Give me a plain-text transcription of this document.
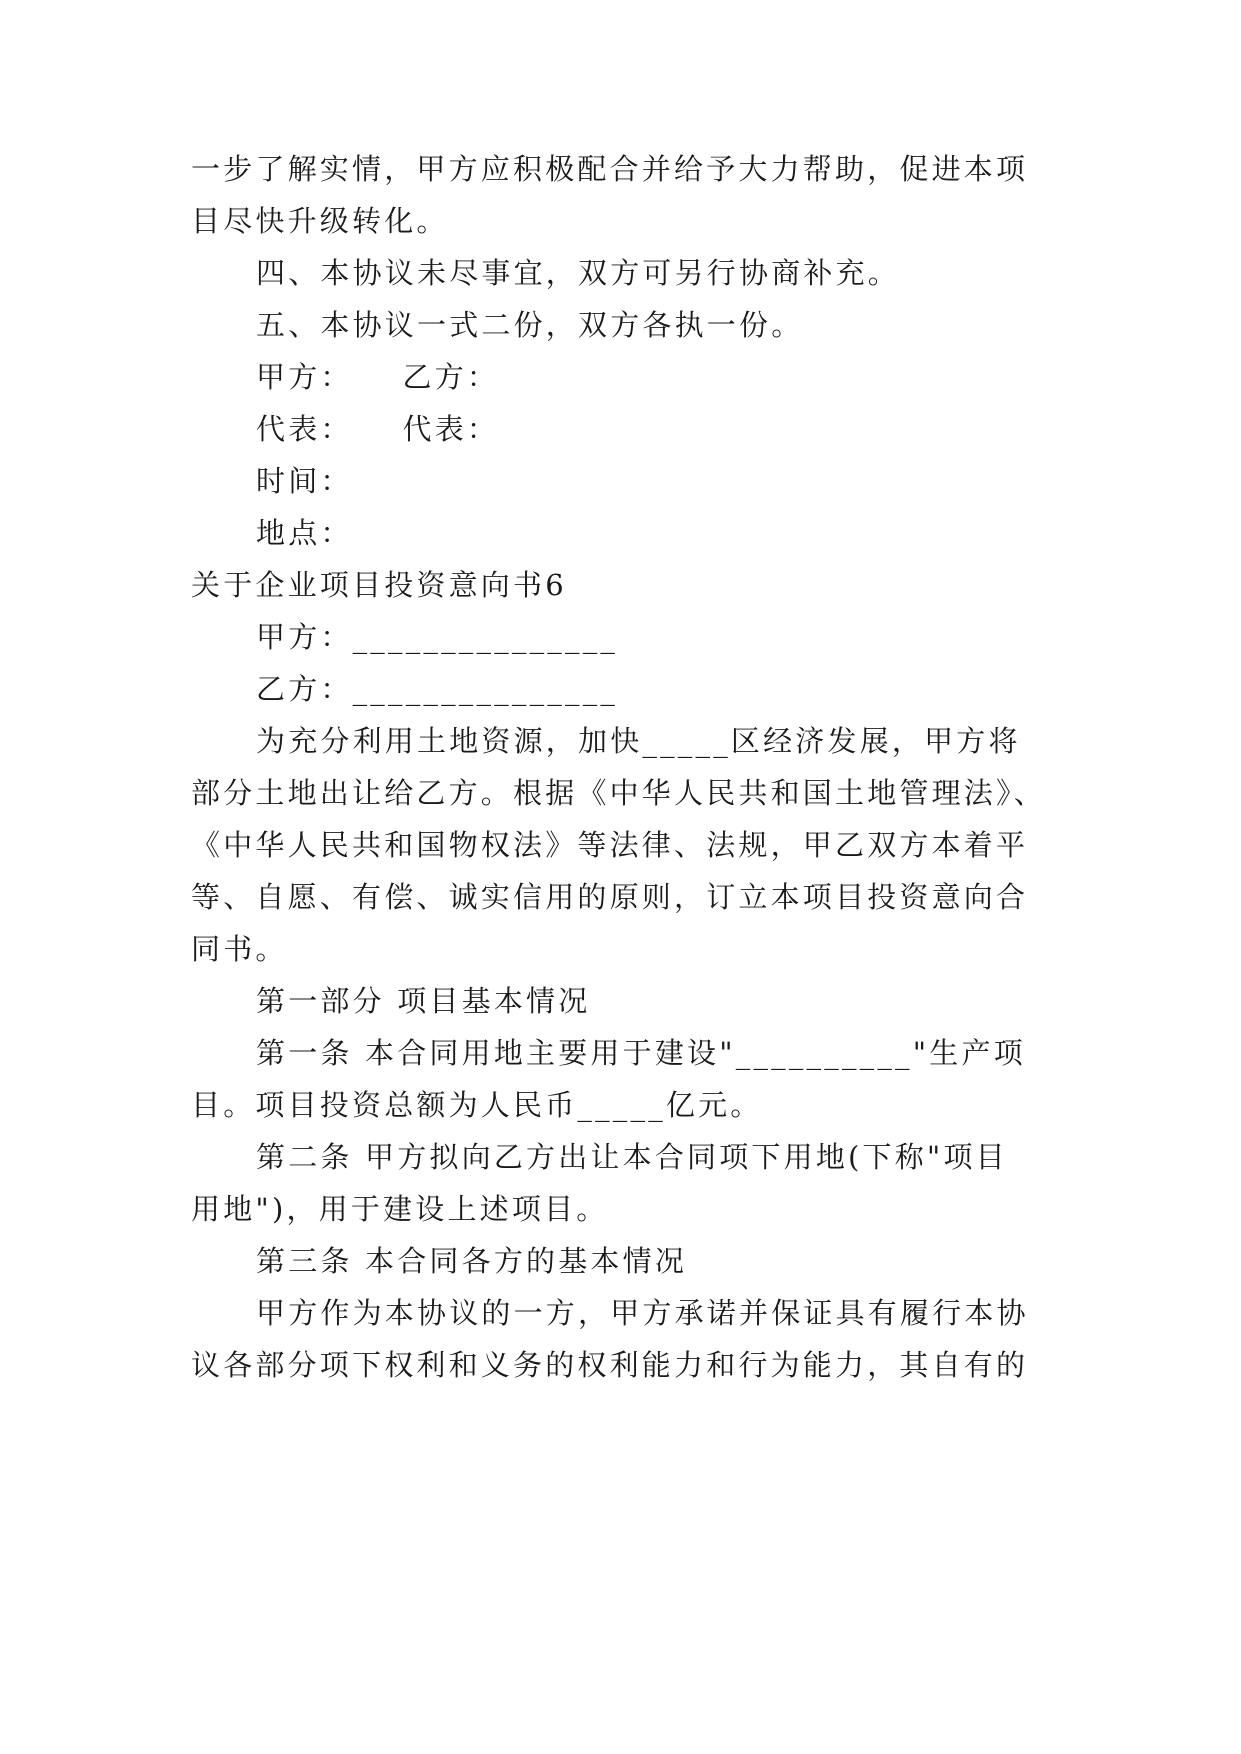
一步了解实情，甲方应积极配合并给予大力帮助，促进本项
目尽快升级转化。
四、本协议未尽事宜，双方可另行协商补充。
五、本协议一式二份，双方各执一份。
甲方：　　乙方：
代表：　　代表：
时间：
地点：
关于企业项目投资意向书6
甲方：_______________
乙方：_______________
为充分利用土地资源，加快_____区经济发展，甲方将
部分土地出让给乙方。根据《中华人民共和国土地管理法》、
《中华人民共和国物权法》等法律、法规，甲乙双方本着平
等、自愿、有偿、诚实信用的原则，订立本项目投资意向合
同书。
第一部分 项目基本情况
第一条 本合同用地主要用于建设"__________"生产项
目。项目投资总额为人民币_____亿元。
第二条 甲方拟向乙方出让本合同项下用地(下称"项目
用地")，用于建设上述项目。
第三条 本合同各方的基本情况
甲方作为本协议的一方，甲方承诺并保证具有履行本协
议各部分项下权利和义务的权利能力和行为能力，其自有的
